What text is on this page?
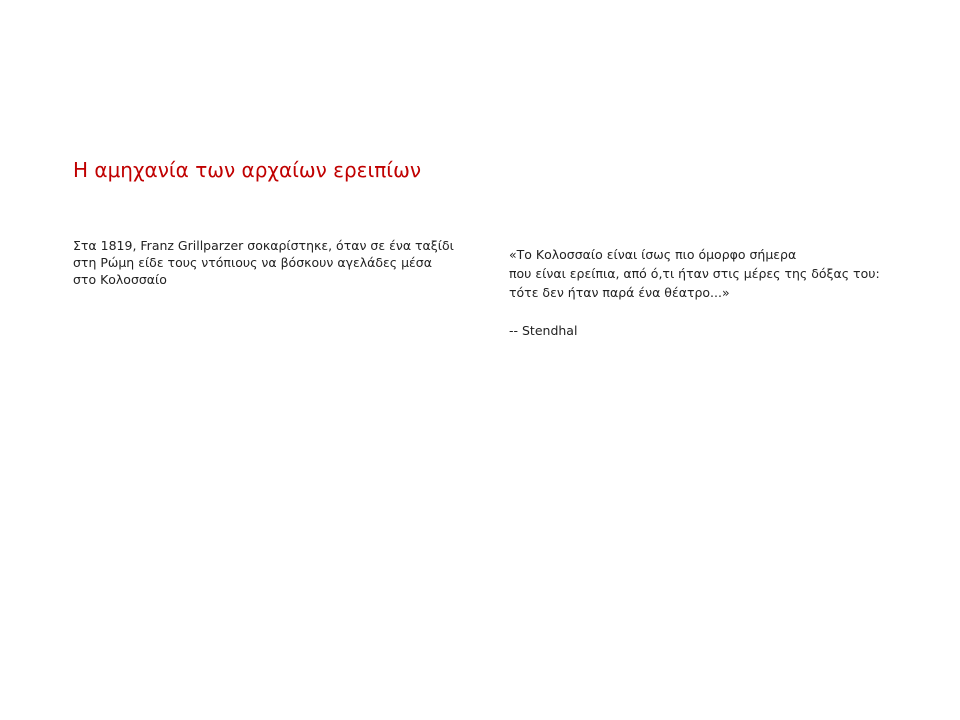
Η αμηχανία των αρχαίων ερειπίων
Στα 1819, Franz Grillparzer σοκαρίστηκε, όταν σε ένα ταξίδι
στη Ρώμη είδε τους ντόπιους να βόσκουν αγελάδες μέσα
στο Κολοσσαίο
«Το Κολοσσαίο είναι ίσως πιο όμορφο σήμερα
που είναι ερείπια, από ό,τι ήταν στις μέρες της δόξας του:
τότε δεν ήταν παρά ένα θέατρο...»
-- Stendhal
